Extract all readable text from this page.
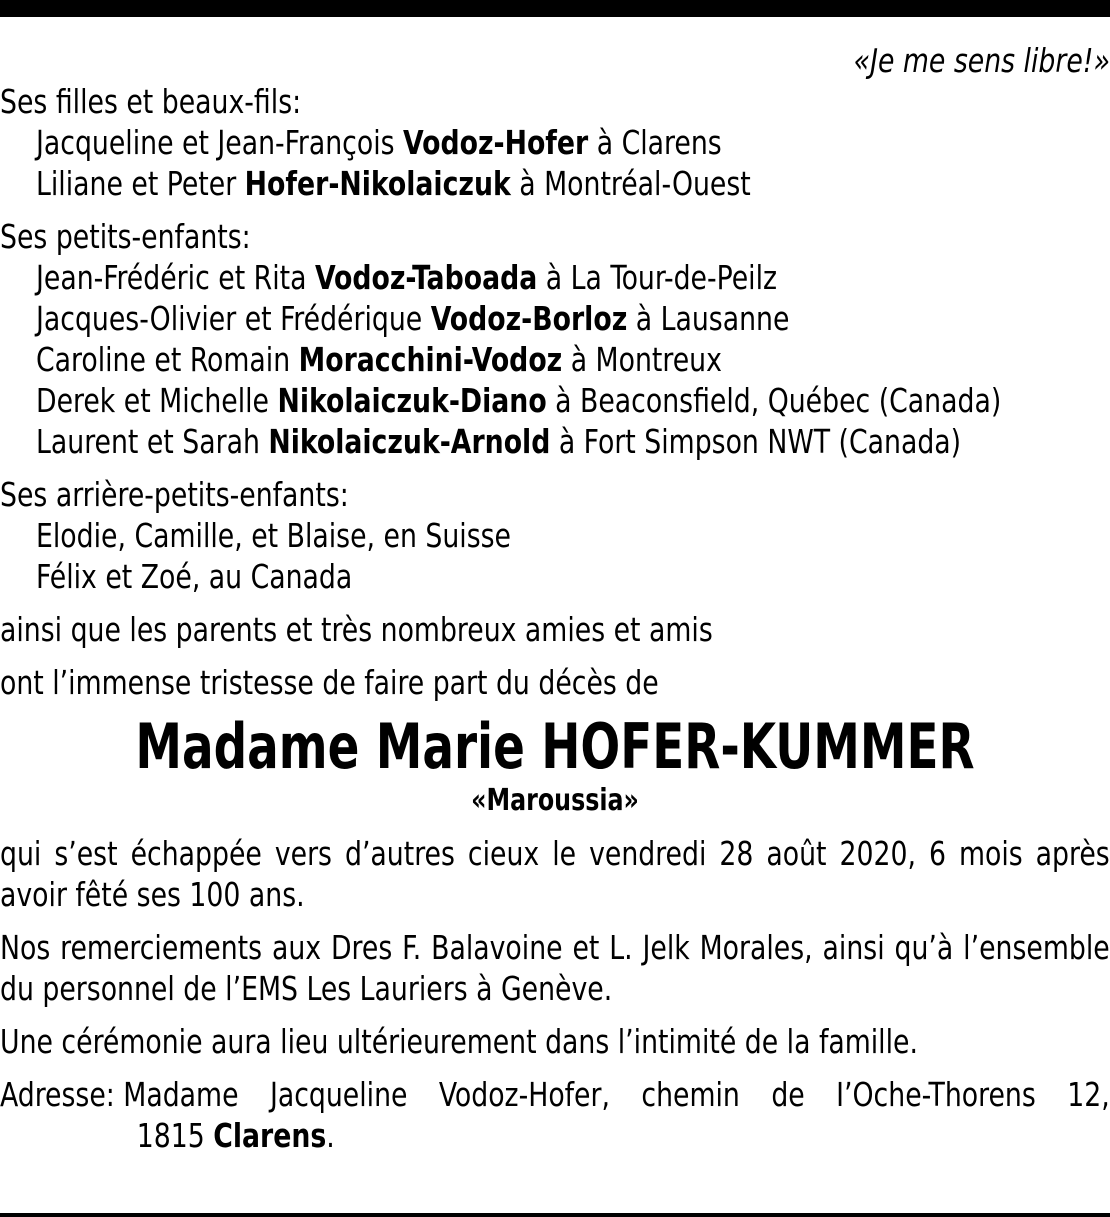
«Je me sens libre!»
Ses filles et beaux-fils:
Jacqueline et Jean-François Vodoz-Hofer à Clarens
Liliane et Peter Hofer-Nikolaiczuk à Montréal-Ouest
Ses petits-enfants:
Jean-Frédéric et Rita Vodoz-Taboada à La Tour-de-Peilz
Jacques-Olivier et Frédérique Vodoz-Borloz à Lausanne
Caroline et Romain Moracchini-Vodoz à Montreux
Derek et Michelle Nikolaiczuk-Diano à Beaconsfield, Québec (Canada)
Laurent et Sarah Nikolaiczuk-Arnold à Fort Simpson NWT (Canada)
Ses arrière-petits-enfants:
Elodie, Camille, et Blaise, en Suisse
Félix et Zoé, au Canada
ainsi que les parents et très nombreux amies et amis
ont l’immense tristesse de faire part du décès de
Madame Marie HOFER-KUMMER
«Maroussia»
qui s’est échappée vers d’autres cieux le vendredi 28 août 2020, 6 mois après avoir fêté ses 100 ans.
Nos remerciements aux Dres F. Balavoine et L. Jelk Morales, ainsi qu’à l’ensemble du personnel de l’EMS Les Lauriers à Genève.
Une cérémonie aura lieu ultérieurement dans l’intimité de la famille.
Adresse: Madame Jacqueline Vodoz-Hofer, chemin de I’Oche-Thorens 12,
1815 Clarens.
